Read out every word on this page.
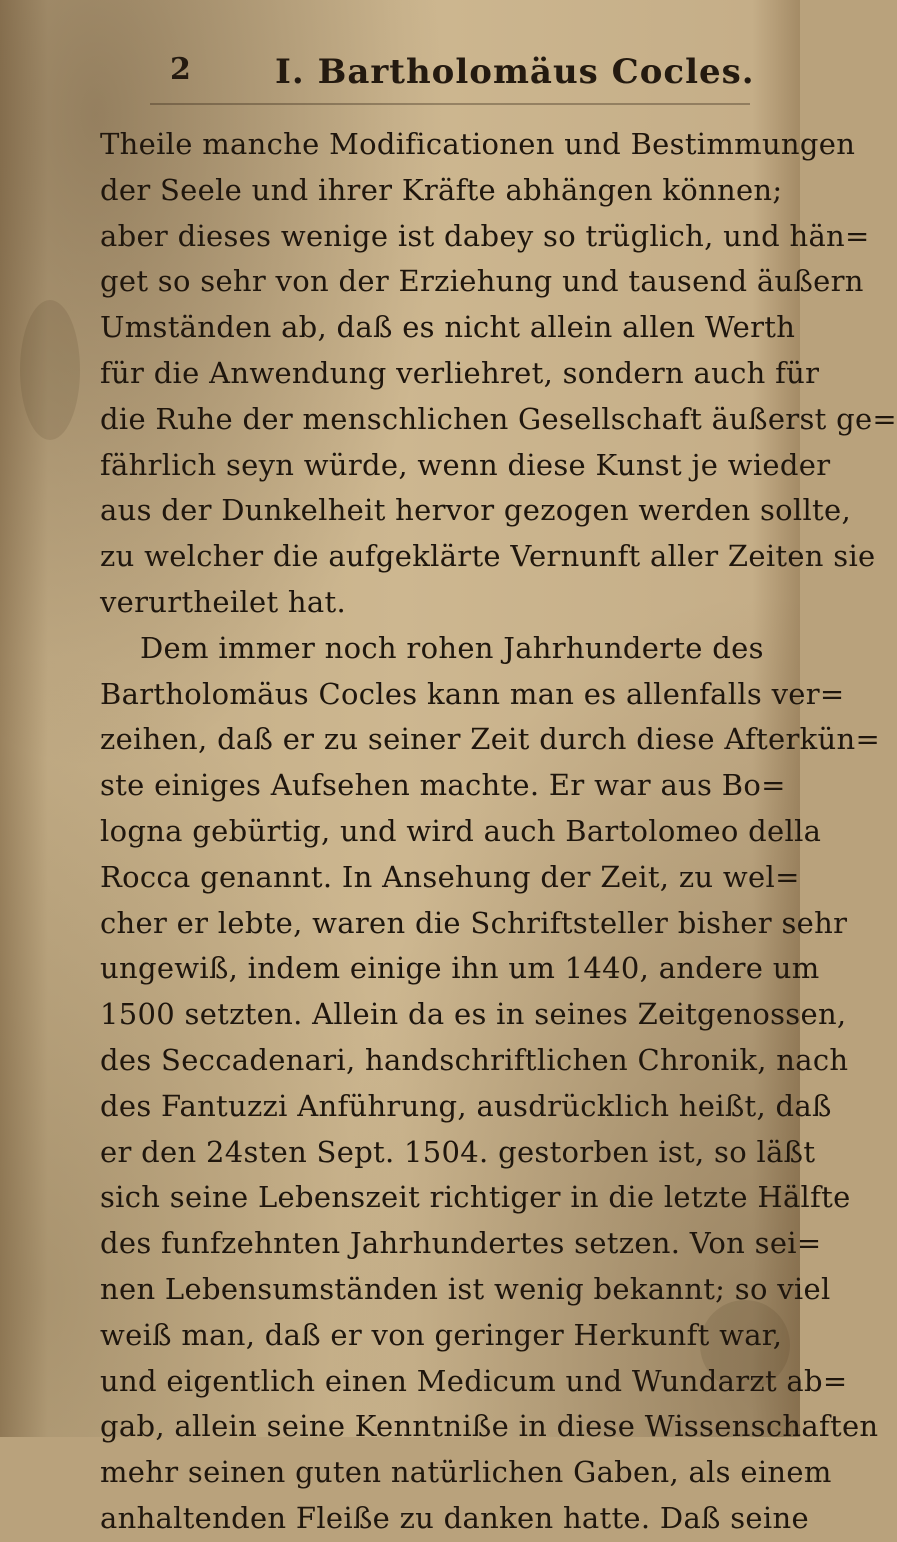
2 I. Bartholomäus Cocles.
Theile manche Modificationen und Bestimmungen
der Seele und ihrer Kräfte abhängen können;
aber dieses wenige ist dabey so trüglich, und hän=
get so sehr von der Erziehung und tausend äußern
Umständen ab, daß es nicht allein allen Werth
für die Anwendung verliehret, sondern auch für
die Ruhe der menschlichen Gesellschaft äußerst ge=
fährlich seyn würde, wenn diese Kunst je wieder
aus der Dunkelheit hervor gezogen werden sollte,
zu welcher die aufgeklärte Vernunft aller Zeiten sie
verurtheilet hat.
Dem immer noch rohen Jahrhunderte des
Bartholomäus Cocles kann man es allenfalls ver=
zeihen, daß er zu seiner Zeit durch diese Afterkün=
ste einiges Aufsehen machte. Er war aus Bo=
logna gebürtig, und wird auch Bartolomeo della
Rocca genannt. In Ansehung der Zeit, zu wel=
cher er lebte, waren die Schriftsteller bisher sehr
ungewiß, indem einige ihn um 1440, andere um
1500 setzten. Allein da es in seines Zeitgenossen,
des Seccadenari, handschriftlichen Chronik, nach
des Fantuzzi Anführung, ausdrücklich heißt, daß
er den 24sten Sept. 1504. gestorben ist, so läßt
sich seine Lebenszeit richtiger in die letzte Hälfte
des funfzehnten Jahrhundertes setzen. Von sei=
nen Lebensumständen ist wenig bekannt; so viel
weiß man, daß er von geringer Herkunft war,
und eigentlich einen Medicum und Wundarzt ab=
gab, allein seine Kenntniße in diese Wissenschaften
mehr seinen guten natürlichen Gaben, als einem
anhaltenden Fleiße zu danken hatte. Daß seine
